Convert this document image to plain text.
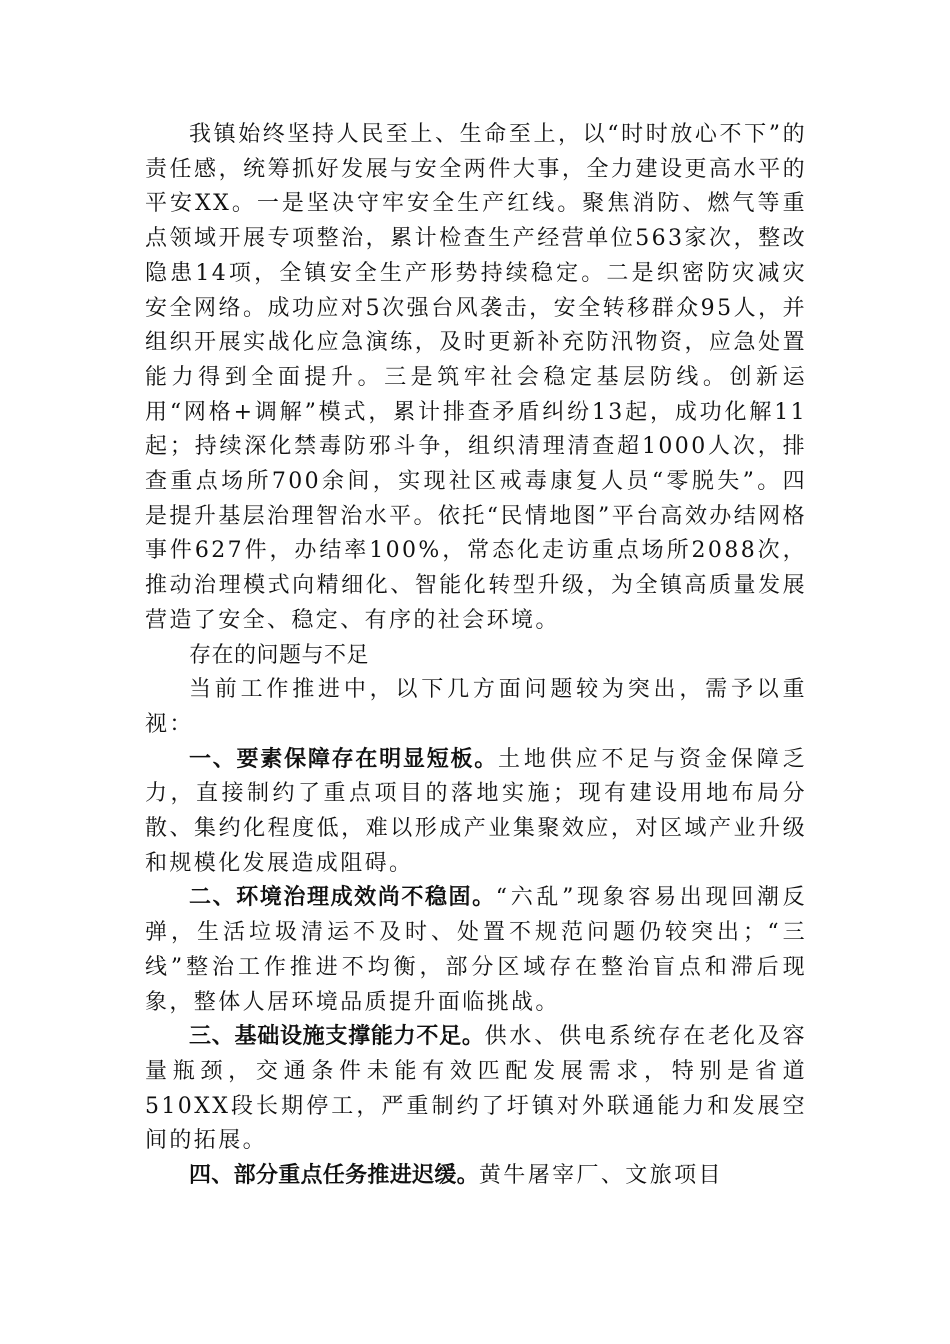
我镇始终坚持人民至上、生命至上，以“时时放心不下”的责任感，统筹抓好发展与安全两件大事，全力建设更高水平的平安XX。一是坚决守牢安全生产红线。聚焦消防、燃气等重点领域开展专项整治，累计检查生产经营单位563家次，整改隐患14项，全镇安全生产形势持续稳定。二是织密防灾减灾安全网络。成功应对5次强台风袭击，安全转移群众95人，并组织开展实战化应急演练，及时更新补充防汛物资，应急处置能力得到全面提升。三是筑牢社会稳定基层防线。创新运用“网格+调解”模式，累计排查矛盾纠纷13起，成功化解11起；持续深化禁毒防邪斗争，组织清理清查超1000人次，排查重点场所700余间，实现社区戒毒康复人员“零脱失”。四是提升基层治理智治水平。依托“民情地图”平台高效办结网格事件627件，办结率100%，常态化走访重点场所2088次，推动治理模式向精细化、智能化转型升级，为全镇高质量发展营造了安全、稳定、有序的社会环境。

存在的问题与不足

当前工作推进中，以下几方面问题较为突出，需予以重视：

一、要素保障存在明显短板。土地供应不足与资金保障乏力，直接制约了重点项目的落地实施；现有建设用地布局分散、集约化程度低，难以形成产业集聚效应，对区域产业升级和规模化发展造成阻碍。

二、环境治理成效尚不稳固。“六乱”现象容易出现回潮反弹，生活垃圾清运不及时、处置不规范问题仍较突出；“三线”整治工作推进不均衡，部分区域存在整治盲点和滞后现象，整体人居环境品质提升面临挑战。

三、基础设施支撑能力不足。供水、供电系统存在老化及容量瓶颈，交通条件未能有效匹配发展需求，特别是省道510XX段长期停工，严重制约了圩镇对外联通能力和发展空间的拓展。

四、部分重点任务推进迟缓。黄牛屠宰厂、文旅项目
